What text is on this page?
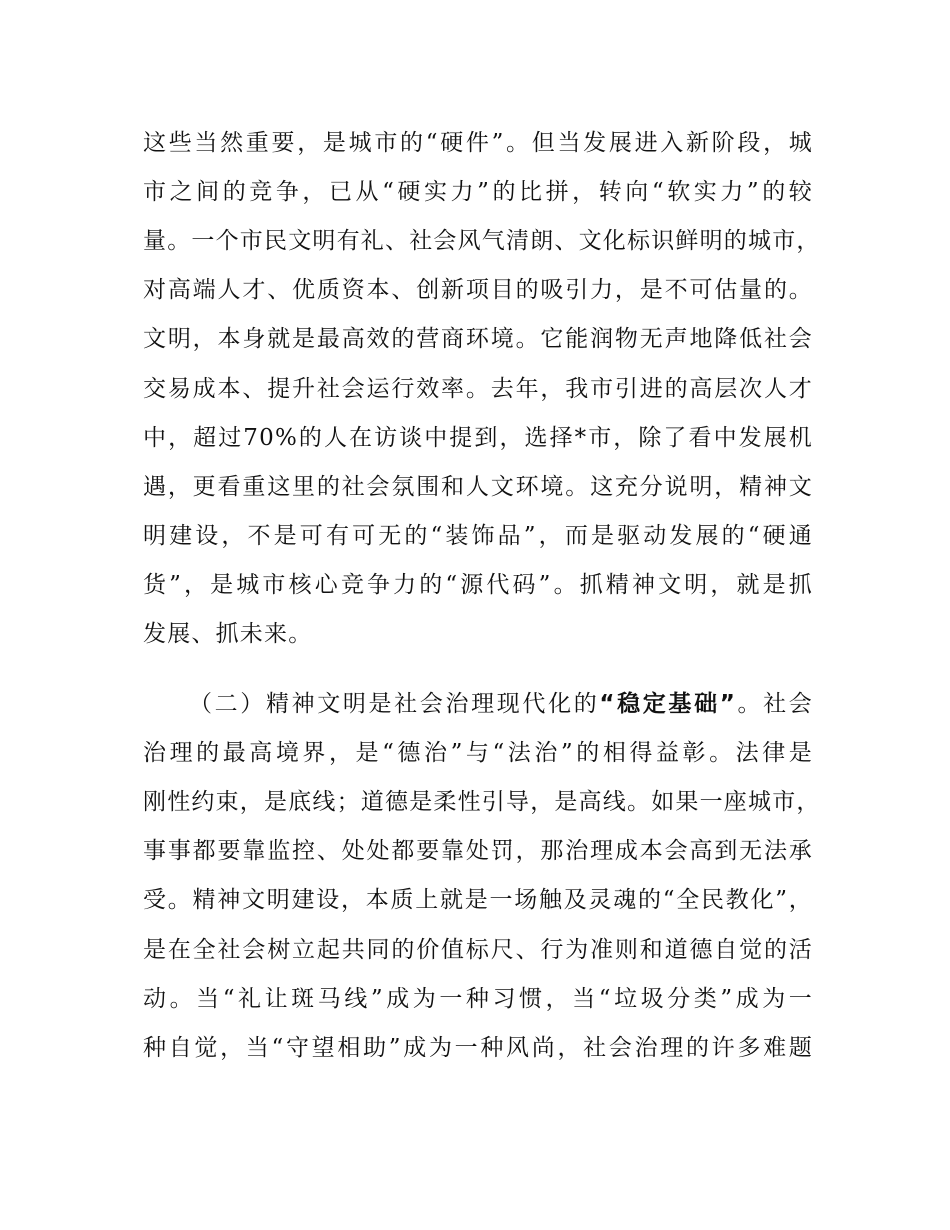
这些当然重要，是城市的“硬件”。但当发展进入新阶段，城
市之间的竞争，已从“硬实力”的比拼，转向“软实力”的较
量。一个市民文明有礼、社会风气清朗、文化标识鲜明的城市，
对高端人才、优质资本、创新项目的吸引力，是不可估量的。
文明，本身就是最高效的营商环境。它能润物无声地降低社会
交易成本、提升社会运行效率。去年，我市引进的高层次人才
中，超过70%的人在访谈中提到，选择*市，除了看中发展机
遇，更看重这里的社会氛围和人文环境。这充分说明，精神文
明建设，不是可有可无的“装饰品”，而是驱动发展的“硬通
货”，是城市核心竞争力的“源代码”。抓精神文明，就是抓
发展、抓未来。
（二）精神文明是社会治理现代化的“稳定基础”。社会
治理的最高境界，是“德治”与“法治”的相得益彰。法律是
刚性约束，是底线；道德是柔性引导，是高线。如果一座城市，
事事都要靠监控、处处都要靠处罚，那治理成本会高到无法承
受。精神文明建设，本质上就是一场触及灵魂的“全民教化”，
是在全社会树立起共同的价值标尺、行为准则和道德自觉的活
动。当“礼让斑马线”成为一种习惯，当“垃圾分类”成为一
种自觉，当“守望相助”成为一种风尚，社会治理的许多难题
